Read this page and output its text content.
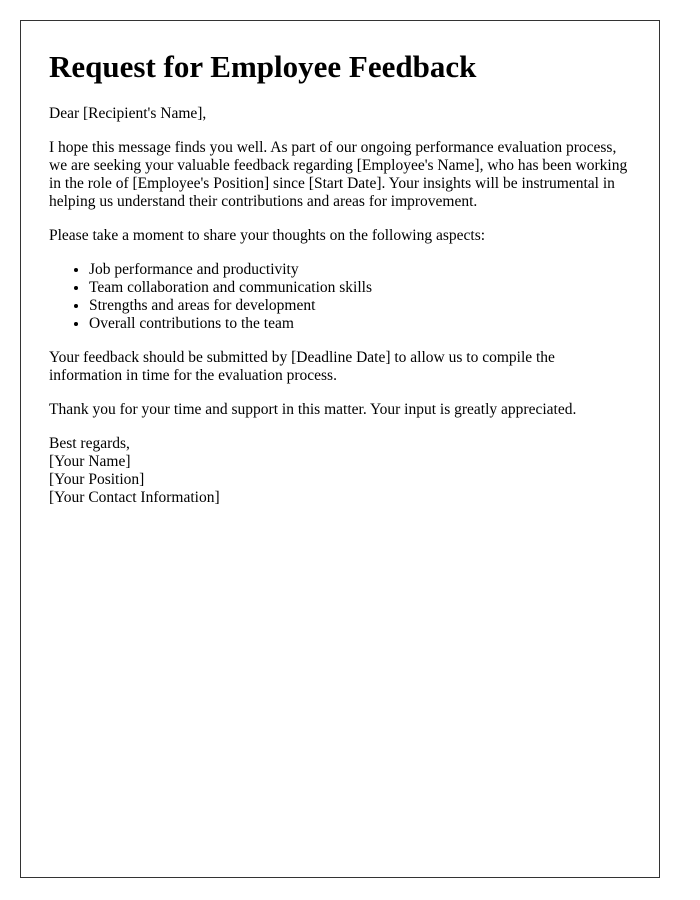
Request for Employee Feedback

Dear [Recipient's Name],

I hope this message finds you well. As part of our ongoing performance evaluation process, we are seeking your valuable feedback regarding [Employee's Name], who has been working in the role of [Employee's Position] since [Start Date]. Your insights will be instrumental in helping us understand their contributions and areas for improvement.

Please take a moment to share your thoughts on the following aspects:

• Job performance and productivity
• Team collaboration and communication skills
• Strengths and areas for development
• Overall contributions to the team

Your feedback should be submitted by [Deadline Date] to allow us to compile the information in time for the evaluation process.

Thank you for your time and support in this matter. Your input is greatly appreciated.

Best regards,
[Your Name]
[Your Position]
[Your Contact Information]
